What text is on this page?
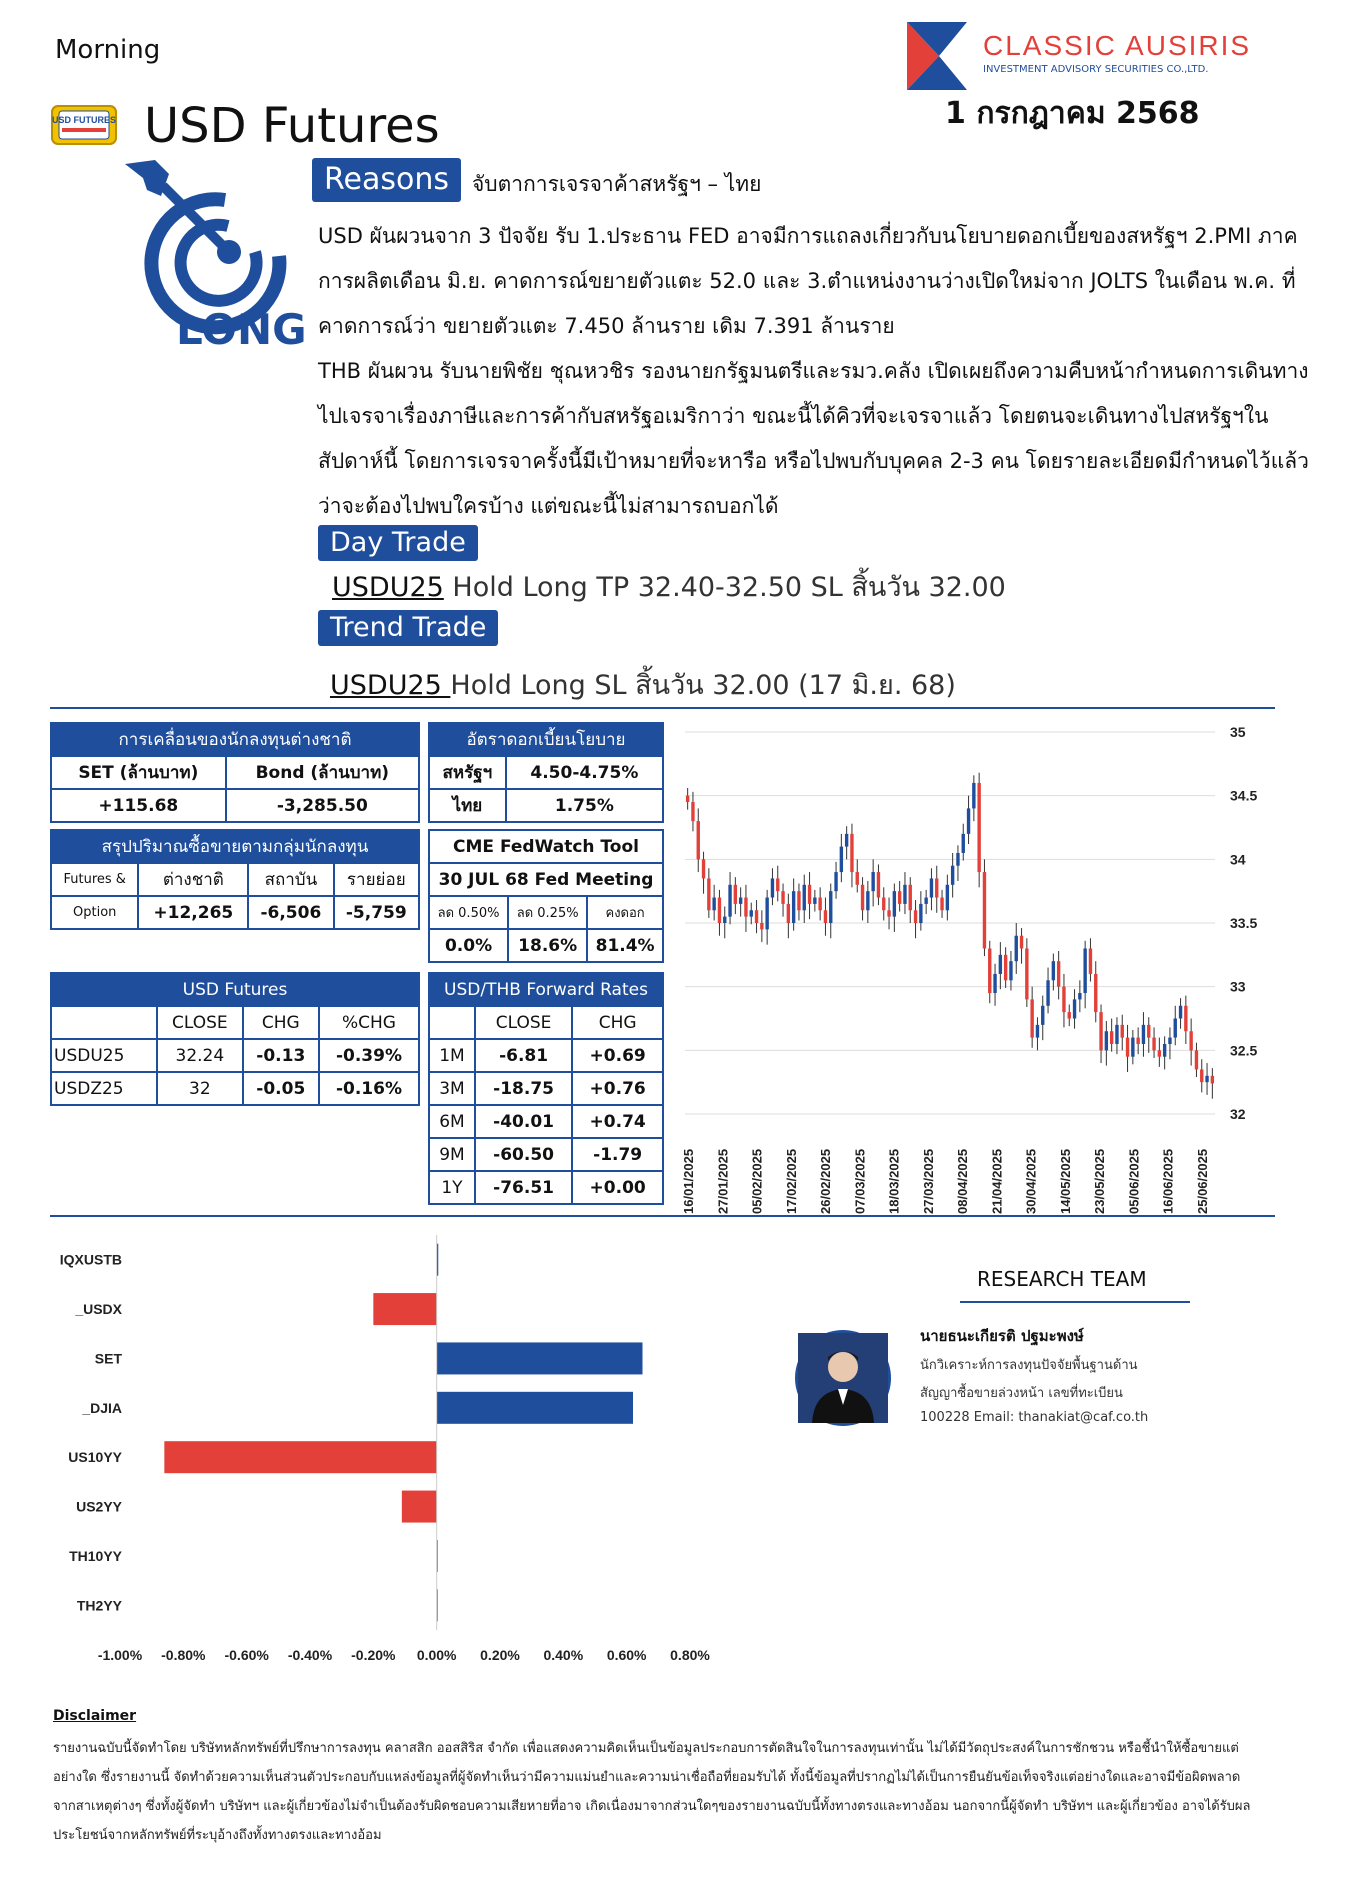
Morning	CLASSIC AUSIRIS
INVESTMENT ADVISORY SECURITIES CO.,LTD.
1 กรกฎาคม 2568
USD FUTURES USD Futures
LONG
Reasons	จับตาการเจรจาค้าสหรัฐฯ – ไทย

USD ผันผวนจาก 3 ปัจจัย รับ 1.ประธาน FED อาจมีการแถลงเกี่ยวกับนโยบายดอกเบี้ยของสหรัฐฯ 2.PMI ภาคการผลิตเดือน มิ.ย. คาดการณ์ขยายตัวแตะ 52.0 และ 3.ตำแหน่งงานว่างเปิดใหม่จาก JOLTS ในเดือน พ.ค. ที่คาดการณ์ว่า ขยายตัวแตะ 7.450 ล้านราย เดิม 7.391 ล้านราย

THB ผันผวน รับนายพิชัย ชุณหวชิร รองนายกรัฐมนตรีและรมว.คลัง เปิดเผยถึงความคืบหน้ากำหนดการเดินทางไปเจรจาเรื่องภาษีและการค้ากับสหรัฐอเมริกาว่า ขณะนี้ได้คิวที่จะเจรจาแล้ว โดยตนจะเดินทางไปสหรัฐฯในสัปดาห์นี้ โดยการเจรจาครั้งนี้มีเป้าหมายที่จะหารือ หรือไปพบกับบุคคล 2-3 คน โดยรายละเอียดมีกำหนดไว้แล้วว่าจะต้องไปพบใครบ้าง แต่ขณะนี้ไม่สามารถบอกได้

Day Trade
USDU25 Hold Long TP 32.40-32.50 SL สิ้นวัน 32.00
Trend Trade
USDU25 Hold Long SL สิ้นวัน 32.00 (17 มิ.ย. 68)
การเคลื่อนของนักลงทุนต่างชาติ	
SET (ล้านบาท)	Bond (ล้านบาท)
+115.68	-3,285.50
อัตราดอกเบี้ยนโยบาย	
สหรัฐฯ	4.50-4.75%
ไทย	1.75%
สรุปปริมาณซื้อขายตามกลุ่มนักลงทุน			
Futures &	ต่างชาติ	สถาบัน	รายย่อย
Option	+12,265	-6,506	-5,759
CME FedWatch Tool		
30 JUL 68 Fed Meeting		
ลด 0.50%	ลด 0.25%	คงดอก
0.0%	18.6%	81.4%
USD Futures			
	CLOSE	CHG	%CHG
USDU25	32.24	-0.13	-0.39%
USDZ25	32	-0.05	-0.16%
USD/THB Forward Rates		
	CLOSE	CHG
1M	-6.81	+0.69
3M	-18.75	+0.76
6M	-40.01	+0.74
9M	-60.50	-1.79
1Y	-76.51	+0.00
32
32.5
33
33.5
34
34.5
35
16/01/2025 27/01/2025 05/02/2025 17/02/2025 26/02/2025 07/03/2025 18/03/2025 27/03/2025 08/04/2025 21/04/2025 30/04/2025 14/05/2025 23/05/2025 05/06/2025 16/06/2025 25/06/2025
IQXUSTB
_USDX
SET
_DJIA
US10YY
US2YY
TH10YY
TH2YY
-1.00% -0.80% -0.60% -0.40% -0.20% 0.00% 0.20% 0.40% 0.60% 0.80%
RESEARCH TEAM
นายธนะเกียรติ ปฐมะพงษ์
นักวิเคราะห์การลงทุนปัจจัยพื้นฐานด้าน
สัญญาซื้อขายล่วงหน้า เลขที่ทะเบียน
100228 Email: thanakiat@caf.co.th
Disclaimer
รายงานฉบับนี้จัดทำโดย บริษัทหลักทรัพย์ที่ปรึกษาการลงทุน คลาสสิก ออสสิริส จำกัด เพื่อแสดงความคิดเห็นเป็นข้อมูลประกอบการตัดสินใจในการลงทุนเท่านั้น ไม่ได้มีวัตถุประสงค์ในการชักชวน หรือชี้นำให้ซื้อขายแต่อย่างใด ซึ่งรายงานนี้ จัดทำด้วยความเห็นส่วนตัวประกอบกับแหล่งข้อมูลที่ผู้จัดทำเห็นว่ามีความแม่นยำและความน่าเชื่อถือที่ยอมรับได้ ทั้งนี้ข้อมูลที่ปรากฏไม่ได้เป็นการยืนยันข้อเท็จจริงแต่อย่างใดและอาจมีข้อผิดพลาดจากสาเหตุต่างๆ ซึ่งทั้งผู้จัดทำ บริษัทฯ และผู้เกี่ยวข้องไม่จำเป็นต้องรับผิดชอบความเสียหายที่อาจ เกิดเนื่องมาจากส่วนใดๆของรายงานฉบับนี้ทั้งทางตรงและทางอ้อม นอกจากนี้ผู้จัดทำ บริษัทฯ และผู้เกี่ยวข้อง อาจได้รับผลประโยชน์จากหลักทรัพย์ที่ระบุอ้างถึงทั้งทางตรงและทางอ้อม
